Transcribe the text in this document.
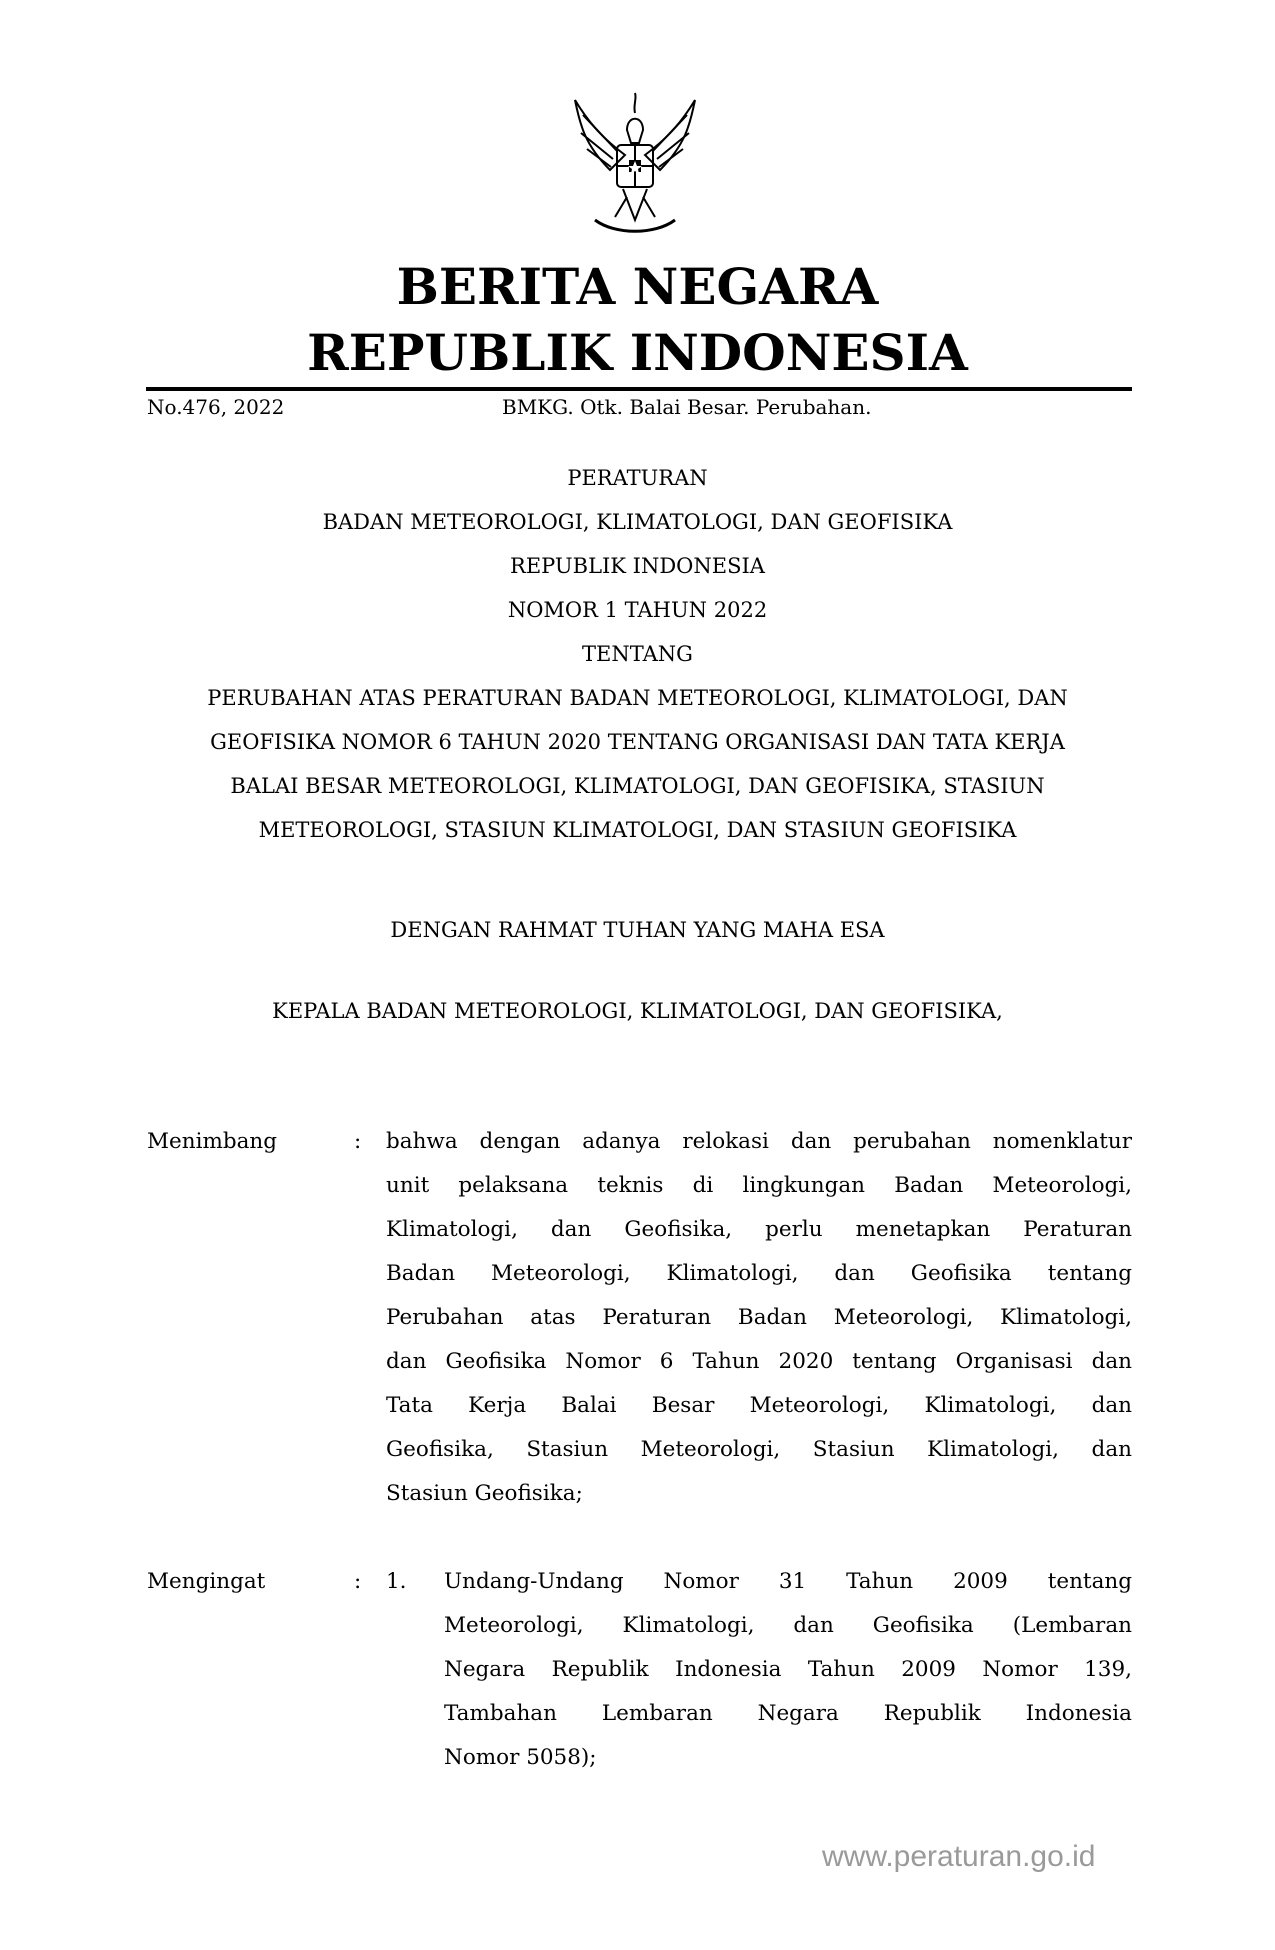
BERITA NEGARA
REPUBLIK INDONESIA
No.476, 2022	BMKG. Otk. Balai Besar. Perubahan.
PERATURAN
BADAN METEOROLOGI, KLIMATOLOGI, DAN GEOFISIKA
REPUBLIK INDONESIA
NOMOR 1 TAHUN 2022
TENTANG
PERUBAHAN ATAS PERATURAN BADAN METEOROLOGI, KLIMATOLOGI, DAN
GEOFISIKA NOMOR 6 TAHUN 2020 TENTANG ORGANISASI DAN TATA KERJA
BALAI BESAR METEOROLOGI, KLIMATOLOGI, DAN GEOFISIKA, STASIUN
METEOROLOGI, STASIUN KLIMATOLOGI, DAN STASIUN GEOFISIKA
DENGAN RAHMAT TUHAN YANG MAHA ESA
KEPALA BADAN METEOROLOGI, KLIMATOLOGI, DAN GEOFISIKA,
Menimbang	: bahwa dengan adanya relokasi dan perubahan nomenklatur
unit pelaksana teknis di lingkungan Badan Meteorologi,
Klimatologi, dan Geofisika, perlu menetapkan Peraturan
Badan Meteorologi, Klimatologi, dan Geofisika tentang
Perubahan atas Peraturan Badan Meteorologi, Klimatologi,
dan Geofisika Nomor 6 Tahun 2020 tentang Organisasi dan
Tata Kerja Balai Besar Meteorologi, Klimatologi, dan
Geofisika, Stasiun Meteorologi, Stasiun Klimatologi, dan
Stasiun Geofisika;
Mengingat	: 1. Undang-Undang Nomor 31 Tahun 2009 tentang
Meteorologi, Klimatologi, dan Geofisika (Lembaran
Negara Republik Indonesia Tahun 2009 Nomor 139,
Tambahan Lembaran Negara Republik Indonesia
Nomor 5058);
www.peraturan.go.id
